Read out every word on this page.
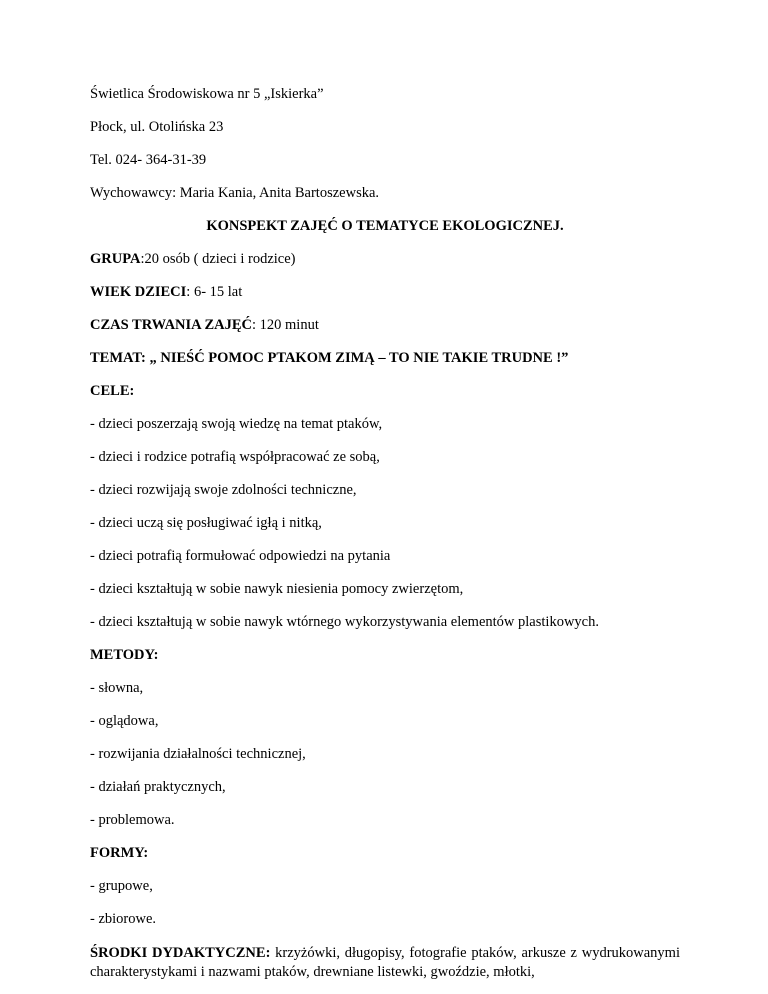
Świetlica Środowiskowa nr 5 „Iskierka”

Płock, ul. Otolińska 23

Tel. 024- 364-31-39

Wychowawcy: Maria Kania, Anita Bartoszewska.

KONSPEKT ZAJĘĆ O TEMATYCE EKOLOGICZNEJ.

GRUPA:20 osób ( dzieci i rodzice)

WIEK DZIECI: 6- 15 lat

CZAS TRWANIA ZAJĘĆ: 120 minut

TEMAT: „ NIEŚĆ POMOC PTAKOM ZIMĄ – TO NIE TAKIE TRUDNE !”

CELE:

- dzieci poszerzają swoją wiedzę na temat ptaków,

- dzieci i rodzice potrafią współpracować ze sobą,

- dzieci rozwijają swoje zdolności techniczne,

- dzieci uczą się posługiwać igłą i nitką,

- dzieci potrafią formułować odpowiedzi na pytania

- dzieci kształtują w sobie nawyk niesienia pomocy zwierzętom,

- dzieci kształtują w sobie nawyk wtórnego wykorzystywania elementów plastikowych.

METODY:

- słowna,

- oglądowa,

- rozwijania działalności technicznej,

- działań praktycznych,

- problemowa.

FORMY:

- grupowe,

- zbiorowe.

ŚRODKI DYDAKTYCZNE: krzyżówki, długopisy, fotografie ptaków, arkusze z wydrukowanymi charakterystykami i nazwami ptaków, drewniane listewki, gwoździe, młotki,
